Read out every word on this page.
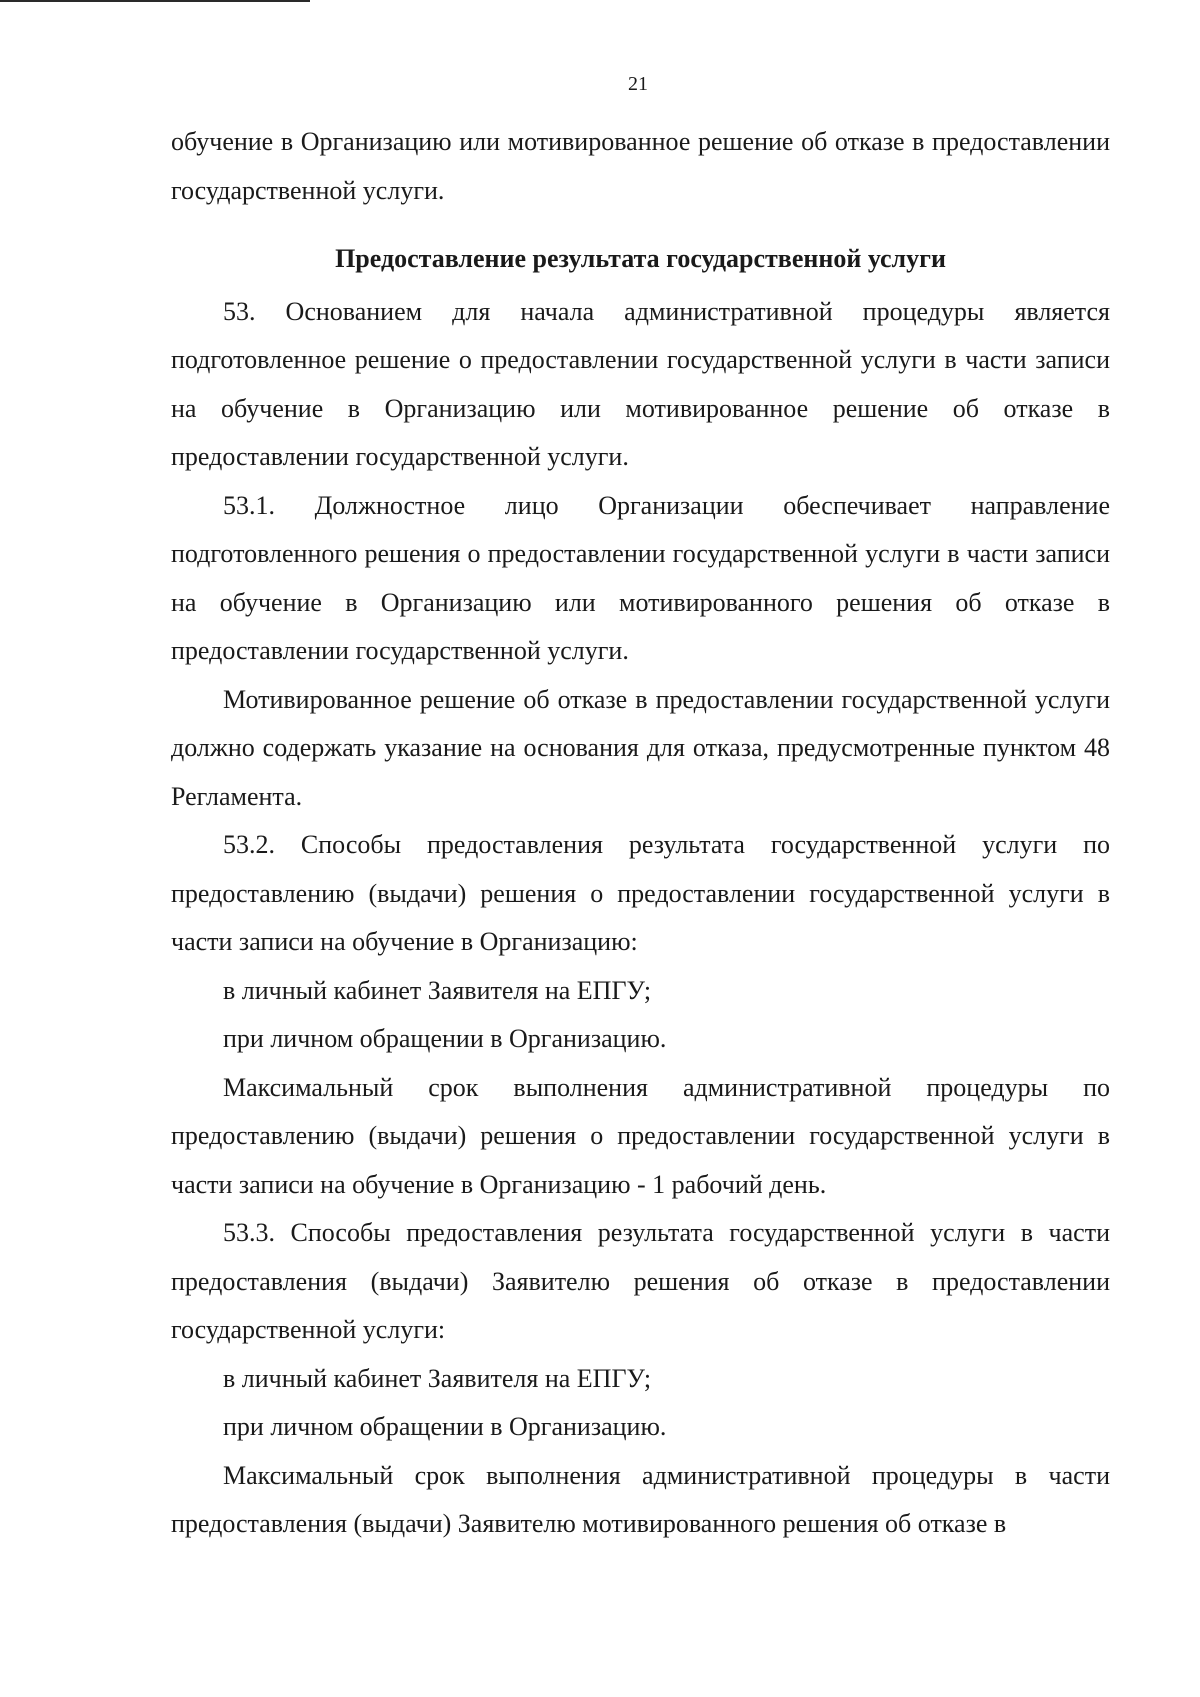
21

обучение в Организацию или мотивированное решение об отказе в предоставлении государственной услуги.

Предоставление результата государственной услуги

53. Основанием для начала административной процедуры является подготовленное решение о предоставлении государственной услуги в части записи на обучение в Организацию или мотивированное решение об отказе в предоставлении государственной услуги.

53.1. Должностное лицо Организации обеспечивает направление подготовленного решения о предоставлении государственной услуги в части записи на обучение в Организацию или мотивированного решения об отказе в предоставлении государственной услуги.

Мотивированное решение об отказе в предоставлении государственной услуги должно содержать указание на основания для отказа, предусмотренные пунктом 48 Регламента.

53.2. Способы предоставления результата государственной услуги по предоставлению (выдачи) решения о предоставлении государственной услуги в части записи на обучение в Организацию:

в личный кабинет Заявителя на ЕПГУ;

при личном обращении в Организацию.

Максимальный срок выполнения административной процедуры по предоставлению (выдачи) решения о предоставлении государственной услуги в части записи на обучение в Организацию - 1 рабочий день.

53.3. Способы предоставления результата государственной услуги в части предоставления (выдачи) Заявителю решения об отказе в предоставлении государственной услуги:

в личный кабинет Заявителя на ЕПГУ;

при личном обращении в Организацию.

Максимальный срок выполнения административной процедуры в части предоставления (выдачи) Заявителю мотивированного решения об отказе в
